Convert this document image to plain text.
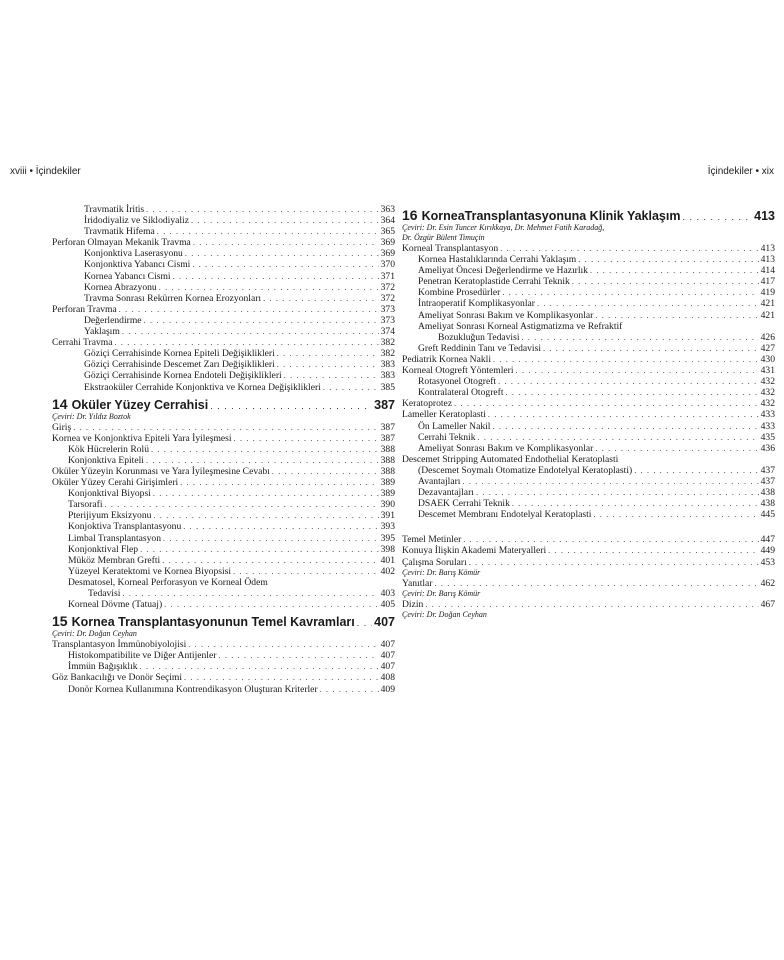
xviii • İçindekiler	İçindekiler • xix
Travmatik İritis . . .	363
İridodiyaliz ve Siklodiyaliz . . .	364
Travmatik Hifema . . .	365
Perforan Olmayan Mekanik Travma . . .	369
Konjonktiva Laserasyonu . . .	369
Konjonktiva Yabancı Cismi . . .	370
Kornea Yabancı Cismi . . .	371
Kornea Abrazyonu . . .	372
Travma Sonrası Rekürren Kornea Erozyonları . . .	372
Perforan Travma . . .	373
Değerlendirme . . .	373
Yaklaşım . . .	374
Cerrahi Travma . . .	382
Göziçi Cerrahisinde Kornea Epiteli Değişiklikleri . . .	382
Göziçi Cerrahisinde Descemet Zarı Değişiklikleri . . .	383
Göziçi Cerrahisinde Kornea Endoteli Değişiklikleri . . .	383
Ekstraoküler Cerrahide Konjonktiva ve Kornea Değişiklikleri . . .	385
14 Oküler Yüzey Cerrahisi . . .	387
Çeviri: Dr. Yıldız Boztok
Giriş . . .	387
Kornea ve Konjonktiva Epiteli Yara İyileşmesi . . .	387
Kök Hücrelerin Rolü . . .	388
Konjonktiva Epiteli . . .	388
Oküler Yüzeyin Korunması ve Yara İyileşmesine Cevabı . . .	388
Oküler Yüzey Cerahi Girişimleri . . .	389
Konjonktival Biyopsi . . .	389
Tarsorafi . . .	390
Pterijiyum Eksizyonu . . .	391
Konjoktiva Transplantasyonu . . .	393
Limbal Transplantasyon . . .	395
Konjonktival Flep . . .	398
Müköz Membran Grefti . . .	401
Yüzeyel Keratektomi ve Kornea Biyopsisi . . .	402
Desmatosel, Korneal Perforasyon ve Korneal Ödem
Tedavisi . . .	403
Korneal Dövme (Tatuaj) . . .	405
15 Kornea Transplantasyonunun Temel Kavramları . . . 407
Çeviri: Dr. Doğan Ceyhan
Transplantasyon İmmünobiyolojisi . . .	407
Histokompatibilite ve Diğer Antijenler . . .	407
İmmün Bağışıklık . . .	407
Göz Bankacılığı ve Donör Seçimi . . .	408
Donör Kornea Kullanımına Kontrendikasyon Oluşturan Kriterler . . .	409
16 KorneaTransplantasyonuna Klinik Yaklaşım . . .	413
Çeviri: Dr. Esin Tuncer Kırıkkaya, Dr. Mehmet Fatih Karadağ,
Dr. Özgür Bülent Timuçin
Korneal Transplantasyon . . .	413
Kornea Hastalıklarında Cerrahi Yaklaşım . . .	413
Ameliyat Öncesi Değerlendirme ve Hazırlık . . .	414
Penetran Keratoplastide Cerrahi Teknik . . .	417
Kombine Prosedürler . . .	419
İntraoperatif Komplikasyonlar . . .	421
Ameliyat Sonrası Bakım ve Komplikasyonlar . . .	421
Ameliyat Sonrası Korneal Astigmatizma ve Refraktif
Bozukluğun Tedavisi . . .	426
Greft Reddinin Tanı ve Tedavisi . . .	427
Pediatrik Kornea Nakli . . .	430
Korneal Otogreft Yöntemleri . . .	431
Rotasyonel Otogreft . . .	432
Kontralateral Otogreft . . .	432
Keratoprotez . . .	432
Lameller Keratoplasti . . .	433
Ön Lameller Nakil . . .	433
Cerrahi Teknik . . .	435
Ameliyat Sonrası Bakım ve Komplikasyonlar . . .	436
Descemet Stripping Automated Endothelial Keratoplasti
(Descemet Soymalı Otomatize Endotelyal Keratoplasti) . . .	437
Avantajları . . .	437
Dezavantajları . . .	438
DSAEK Cerrahi Teknik . . .	438
Descemet Membranı Endotelyal Keratoplasti . . .	445
Temel Metinler . . .	447
Konuya İlişkin Akademi Materyalleri . . .	449
Çalışma Soruları . . .	453
Çeviri: Dr. Barış Kömür
Yanıtlar . . .	462
Çeviri: Dr. Barış Kömür
Dizin . . .	467
Çeviri: Dr. Doğan Ceyhan
